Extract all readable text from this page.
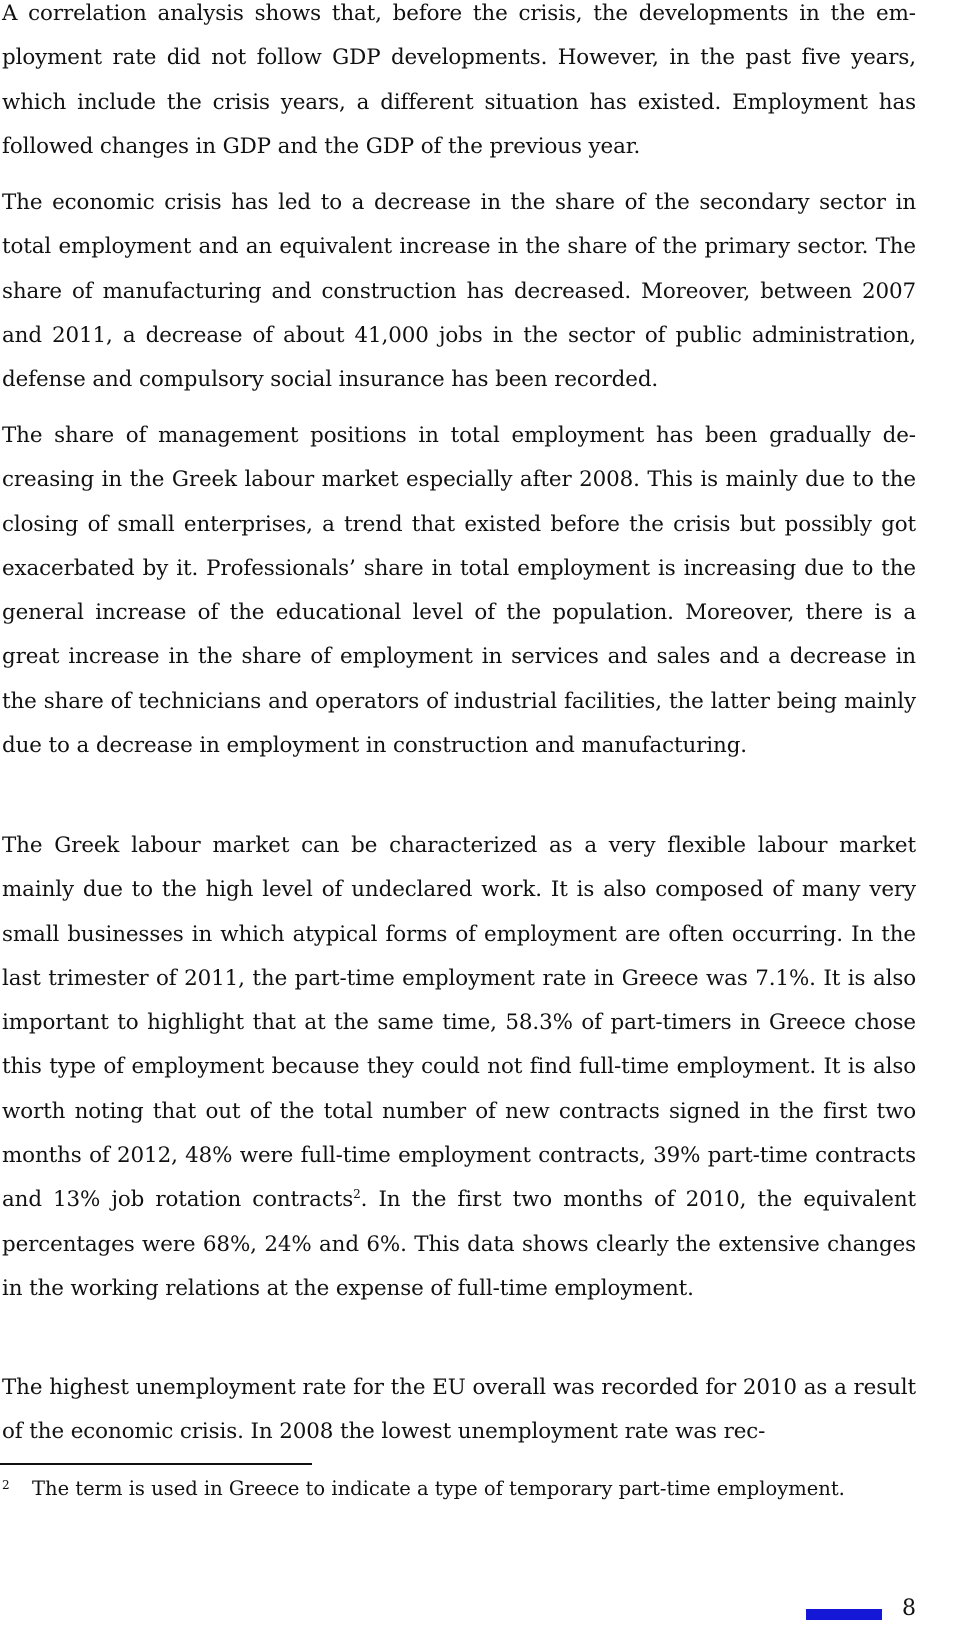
A correlation analysis shows that, before the crisis, the developments in the employment rate did not follow GDP developments. However, in the past five years, which include the crisis years, a different situation has existed. Employment has followed changes in GDP and the GDP of the previous year.

The economic crisis has led to a decrease in the share of the secondary sector in total employment and an equivalent increase in the share of the primary sector. The share of manufacturing and construction has decreased. Moreover, between 2007 and 2011, a decrease of about 41,000 jobs in the sector of public administration, defense and compulsory social insurance has been recorded.

The share of management positions in total employment has been gradually decreasing in the Greek labour market especially after 2008. This is mainly due to the closing of small enterprises, a trend that existed before the crisis but possibly got exacerbated by it. Professionals’ share in total employment is increasing due to the general increase of the educational level of the population. Moreover, there is a great increase in the share of employment in services and sales and a decrease in the share of technicians and operators of industrial facilities, the latter being mainly due to a decrease in employment in construction and manufacturing.

The Greek labour market can be characterized as a very flexible labour market mainly due to the high level of undeclared work. It is also composed of many very small businesses in which atypical forms of employment are often occurring. In the last trimester of 2011, the part-time employment rate in Greece was 7.1%. It is also important to highlight that at the same time, 58.3% of part-timers in Greece chose this type of employment because they could not find full-time employment. It is also worth noting that out of the total number of new contracts signed in the first two months of 2012, 48% were full-time employment contracts, 39% part-time contracts and 13% job rotation contracts$^2$. In the first two months of 2010, the equivalent percentages were 68%, 24% and 6%. This data shows clearly the extensive changes in the working relations at the expense of full-time employment.

The highest unemployment rate for the EU overall was recorded for 2010 as a result of the economic crisis. In 2008 the lowest unemployment rate was rec-

2 The term is used in Greece to indicate a type of temporary part-time employment.
8
